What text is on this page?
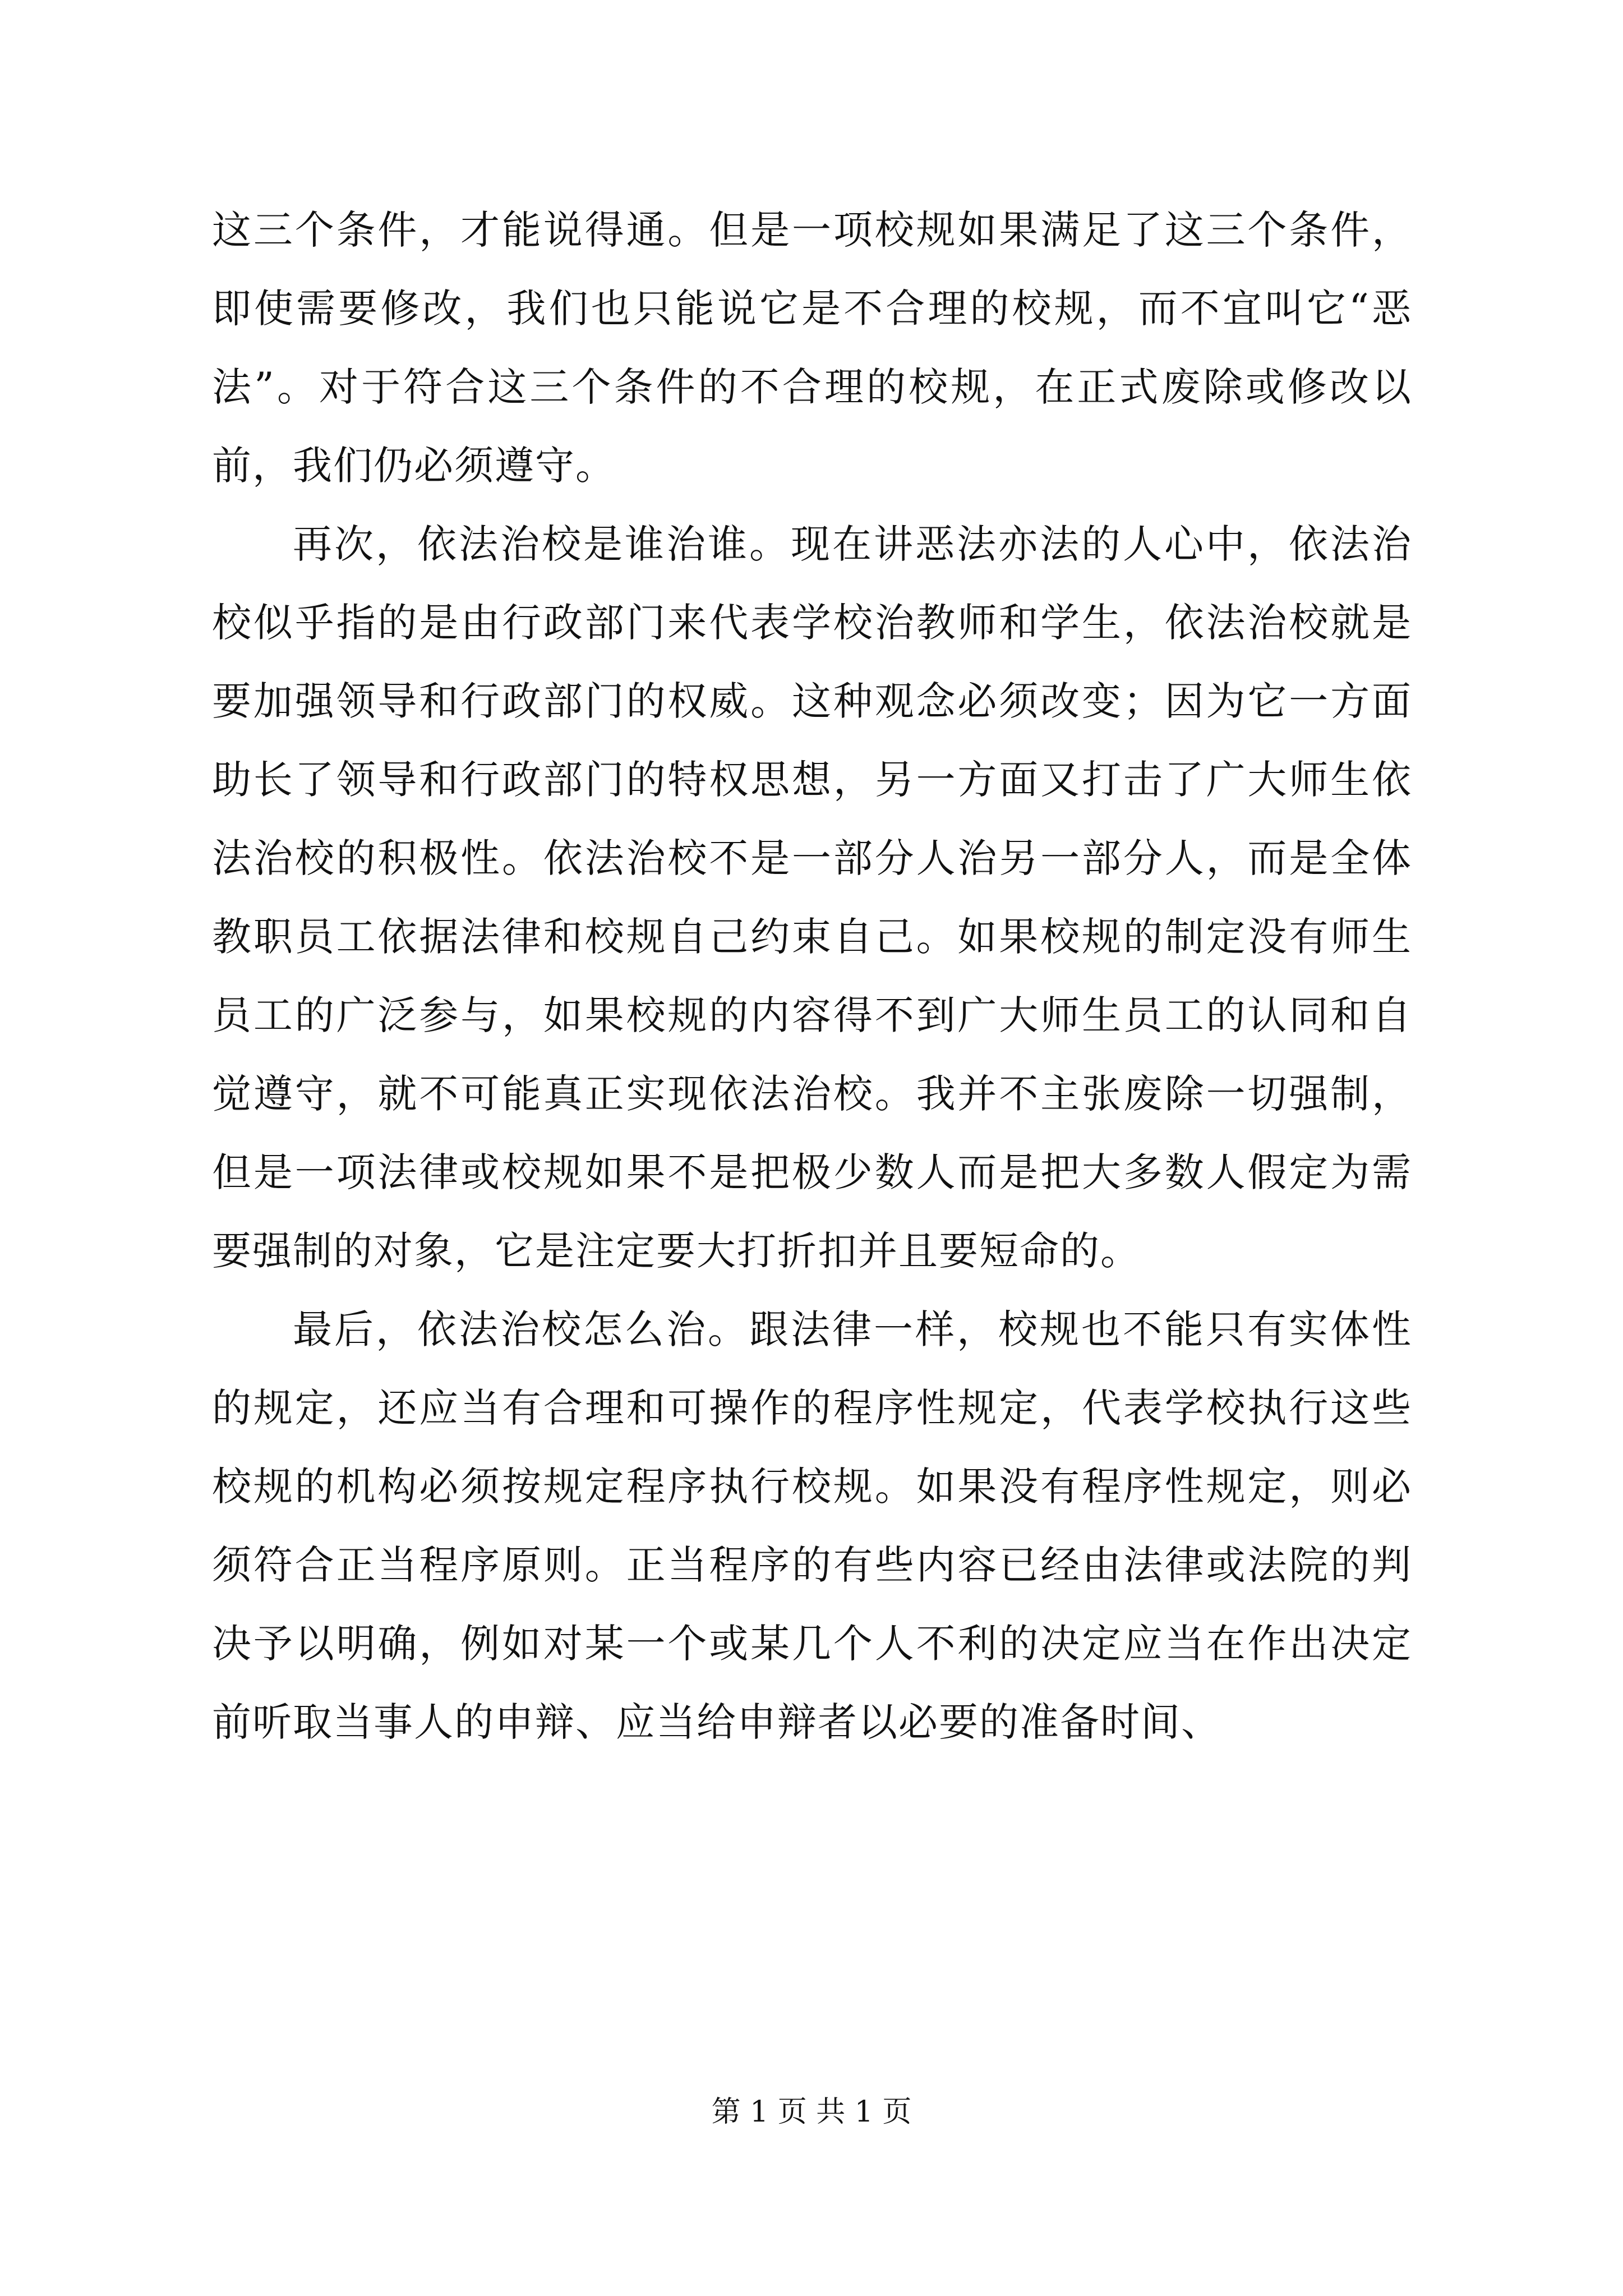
这三个条件，才能说得通。但是一项校规如果满足了这三个条件，即使需要修改，我们也只能说它是不合理的校规，而不宜叫它“恶法”。对于符合这三个条件的不合理的校规，在正式废除或修改以前，我们仍必须遵守。

再次，依法治校是谁治谁。现在讲恶法亦法的人心中，依法治校似乎指的是由行政部门来代表学校治教师和学生，依法治校就是要加强领导和行政部门的权威。这种观念必须改变；因为它一方面助长了领导和行政部门的特权思想，另一方面又打击了广大师生依法治校的积极性。依法治校不是一部分人治另一部分人，而是全体教职员工依据法律和校规自己约束自己。如果校规的制定没有师生员工的广泛参与，如果校规的内容得不到广大师生员工的认同和自觉遵守，就不可能真正实现依法治校。我并不主张废除一切强制，但是一项法律或校规如果不是把极少数人而是把大多数人假定为需要强制的对象，它是注定要大打折扣并且要短命的。

最后，依法治校怎么治。跟法律一样，校规也不能只有实体性的规定，还应当有合理和可操作的程序性规定，代表学校执行这些校规的机构必须按规定程序执行校规。如果没有程序性规定，则必须符合正当程序原则。正当程序的有些内容已经由法律或法院的判决予以明确，例如对某一个或某几个人不利的决定应当在作出决定前听取当事人的申辩、应当给申辩者以必要的准备时间、

第 1 页 共 1 页
